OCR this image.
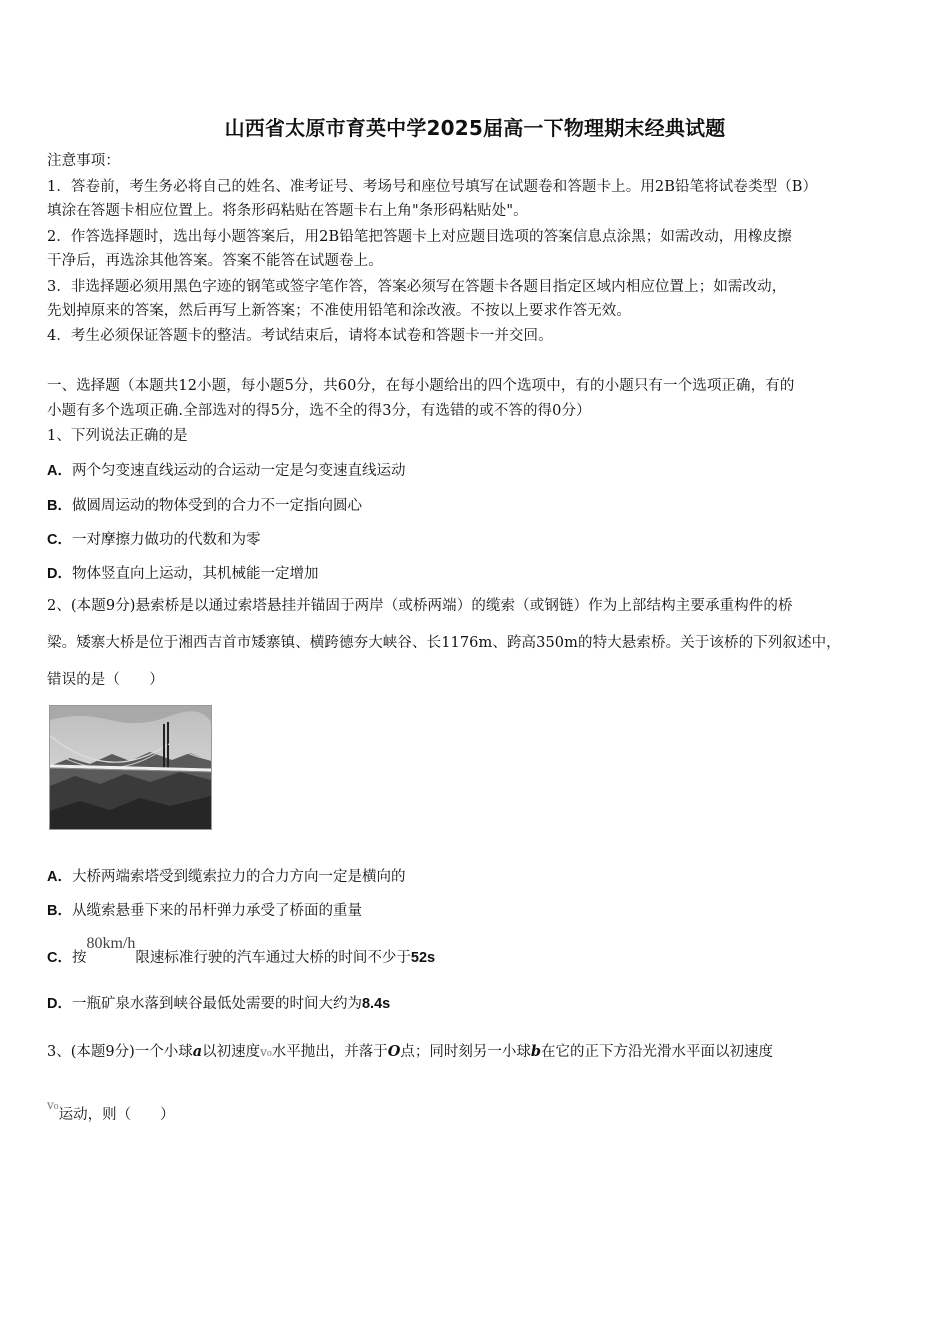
山西省太原市育英中学2025届高一下物理期末经典试题
注意事项：
1．答卷前，考生务必将自己的姓名、准考证号、考场号和座位号填写在试题卷和答题卡上。用2B铅笔将试卷类型（B）
填涂在答题卡相应位置上。将条形码粘贴在答题卡右上角"条形码粘贴处"。
2．作答选择题时，选出每小题答案后，用2B铅笔把答题卡上对应题目选项的答案信息点涂黑；如需改动，用橡皮擦
干净后，再选涂其他答案。答案不能答在试题卷上。
3．非选择题必须用黑色字迹的钢笔或签字笔作答，答案必须写在答题卡各题目指定区域内相应位置上；如需改动，
先划掉原来的答案，然后再写上新答案；不准使用铅笔和涂改液。不按以上要求作答无效。
4．考生必须保证答题卡的整洁。考试结束后，请将本试卷和答题卡一并交回。
一、选择题（本题共12小题，每小题5分，共60分，在每小题给出的四个选项中，有的小题只有一个选项正确，有的
小题有多个选项正确.全部选对的得5分，选不全的得3分，有选错的或不答的得0分）
1、下列说法正确的是
A．两个匀变速直线运动的合运动一定是匀变速直线运动
B．做圆周运动的物体受到的合力不一定指向圆心
C．一对摩擦力做功的代数和为零
D．物体竖直向上运动，其机械能一定增加
2、(本题9分)悬索桥是以通过索塔悬挂并锚固于两岸（或桥两端）的缆索（或钢链）作为上部结构主要承重构件的桥
梁。矮寨大桥是位于湘西吉首市矮寨镇、横跨德夯大峡谷、长1176m、跨高350m的特大悬索桥。关于该桥的下列叙述中，
错误的是（　　）
A．大桥两端索塔受到缆索拉力的合力方向一定是横向的
B．从缆索悬垂下来的吊杆弹力承受了桥面的重量
C．按80km/h限速标准行驶的汽车通过大桥的时间不少于52s
D．一瓶矿泉水落到峡谷最低处需要的时间大约为8.4s
3、(本题9分)一个小球a以初速度v₀水平抛出，并落于O点；同时刻另一小球b在它的正下方沿光滑水平面以初速度
$^{v_0}$运动，则（　　）
